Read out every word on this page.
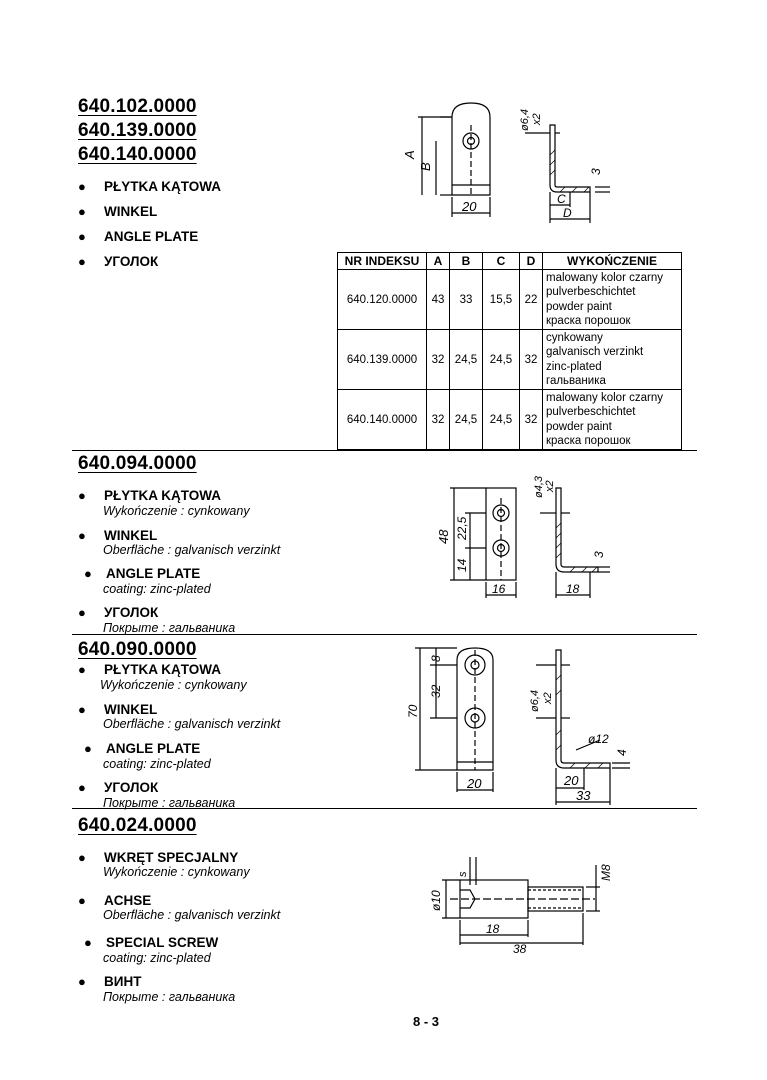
640.102.0000
640.139.0000
640.140.0000
● PŁYTKA KĄTOWA
● WINKEL
● ANGLE PLATE
● УГОЛОК
A
B
20
ø6,4 x2
3
C
D
NR INDEKSU	A	B	C	D	WYKOŃCZENIE
640.120.0000	43	33	15,5	22	malowany kolor czarny
pulverbeschichtet
powder paint
краска порошок

640.139.0000	32	24,5	24,5	32	cynkowany
galvanisch verzinkt
zinc-plated
гальваника

640.140.0000	32	24,5	24,5	32	malowany kolor czarny
pulverbeschichtet
powder paint
краска порошок
640.094.0000
● PŁYTKA KĄTOWA
Wykończenie : cynkowany
● WINKEL
Oberfläche : galvanisch verzinkt
● ANGLE PLATE
coating: zinc-plated
● УГОЛОК
Покрыте : гальваника
48 22,5
14
16
ø4,3 x2
3
18
640.090.0000
● PŁYTKA KĄTOWA
Wykończenie : cynkowany
● WINKEL
Oberfläche : galvanisch verzinkt
● ANGLE PLATE
coating: zinc-plated
● УГОЛОК
Покрыте : гальваника
8
32
70
20
ø6,4 x2
ø12
4
20
33
640.024.0000
● WKRĘT SPECJALNY
Wykończenie : cynkowany
● ACHSE
Oberfläche : galvanisch verzinkt
● SPECIAL SCREW
coating: zinc-plated
● ВИНТ
Покрыте : гальваника
ø10
s	M8
18
38
8 - 3
